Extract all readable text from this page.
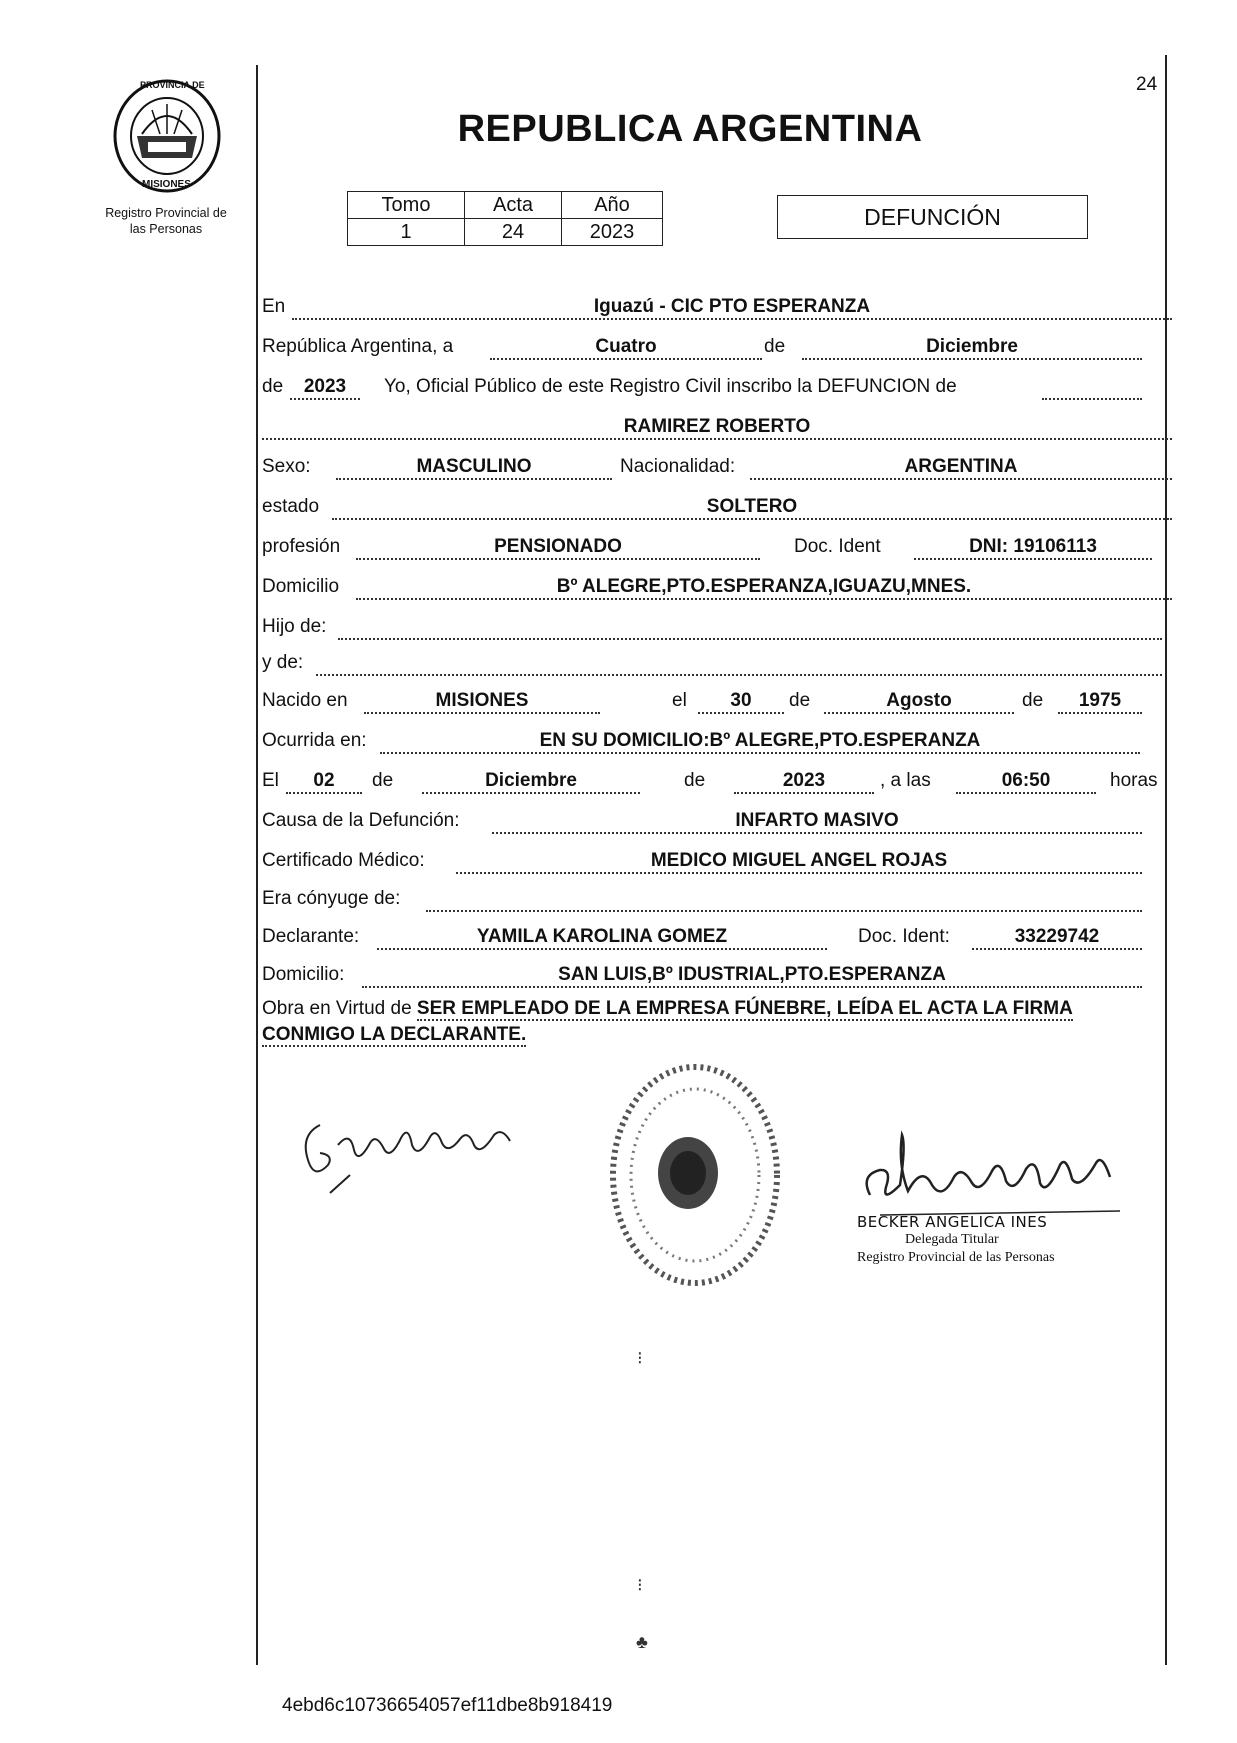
PROVINCIA DE
MISIONES
Registro Provincial de
las Personas
24
REPUBLICA ARGENTINA
Tomo	Acta	Año
1	24	2023
DEFUNCIÓN
En	Iguazú - CIC PTO ESPERANZA
República Argentina, a	Cuatro	de	Diciembre
de	2023	Yo, Oficial Público de este Registro Civil inscribo la DEFUNCION de
RAMIREZ ROBERTO
Sexo:	MASCULINO	Nacionalidad:	ARGENTINA
estado	SOLTERO
profesión	PENSIONADO	Doc. Ident	DNI: 19106113
Domicilio	Bº ALEGRE,PTO.ESPERANZA,IGUAZU,MNES.
Hijo de:
y de:
Nacido en	MISIONES	el	30	de	Agosto	de	1975
Ocurrida en:	EN SU DOMICILIO:Bº ALEGRE,PTO.ESPERANZA
El	02	de	Diciembre	de	2023	, a las	06:50	horas
Causa de la Defunción:	INFARTO MASIVO
Certificado Médico:	MEDICO MIGUEL ANGEL ROJAS
Era cónyuge de:
Declarante:	YAMILA KAROLINA GOMEZ	Doc. Ident:	33229742
Domicilio:	SAN LUIS,Bº IDUSTRIAL,PTO.ESPERANZA
Obra en Virtud de SER EMPLEADO DE LA EMPRESA FÚNEBRE, LEÍDA EL ACTA LA FIRMA CONMIGO LA DECLARANTE.
BECKER ANGELICA INES
Delegada Titular
Registro Provincial de las Personas
⁝
⁝
♣
4ebd6c10736654057ef11dbe8b918419
